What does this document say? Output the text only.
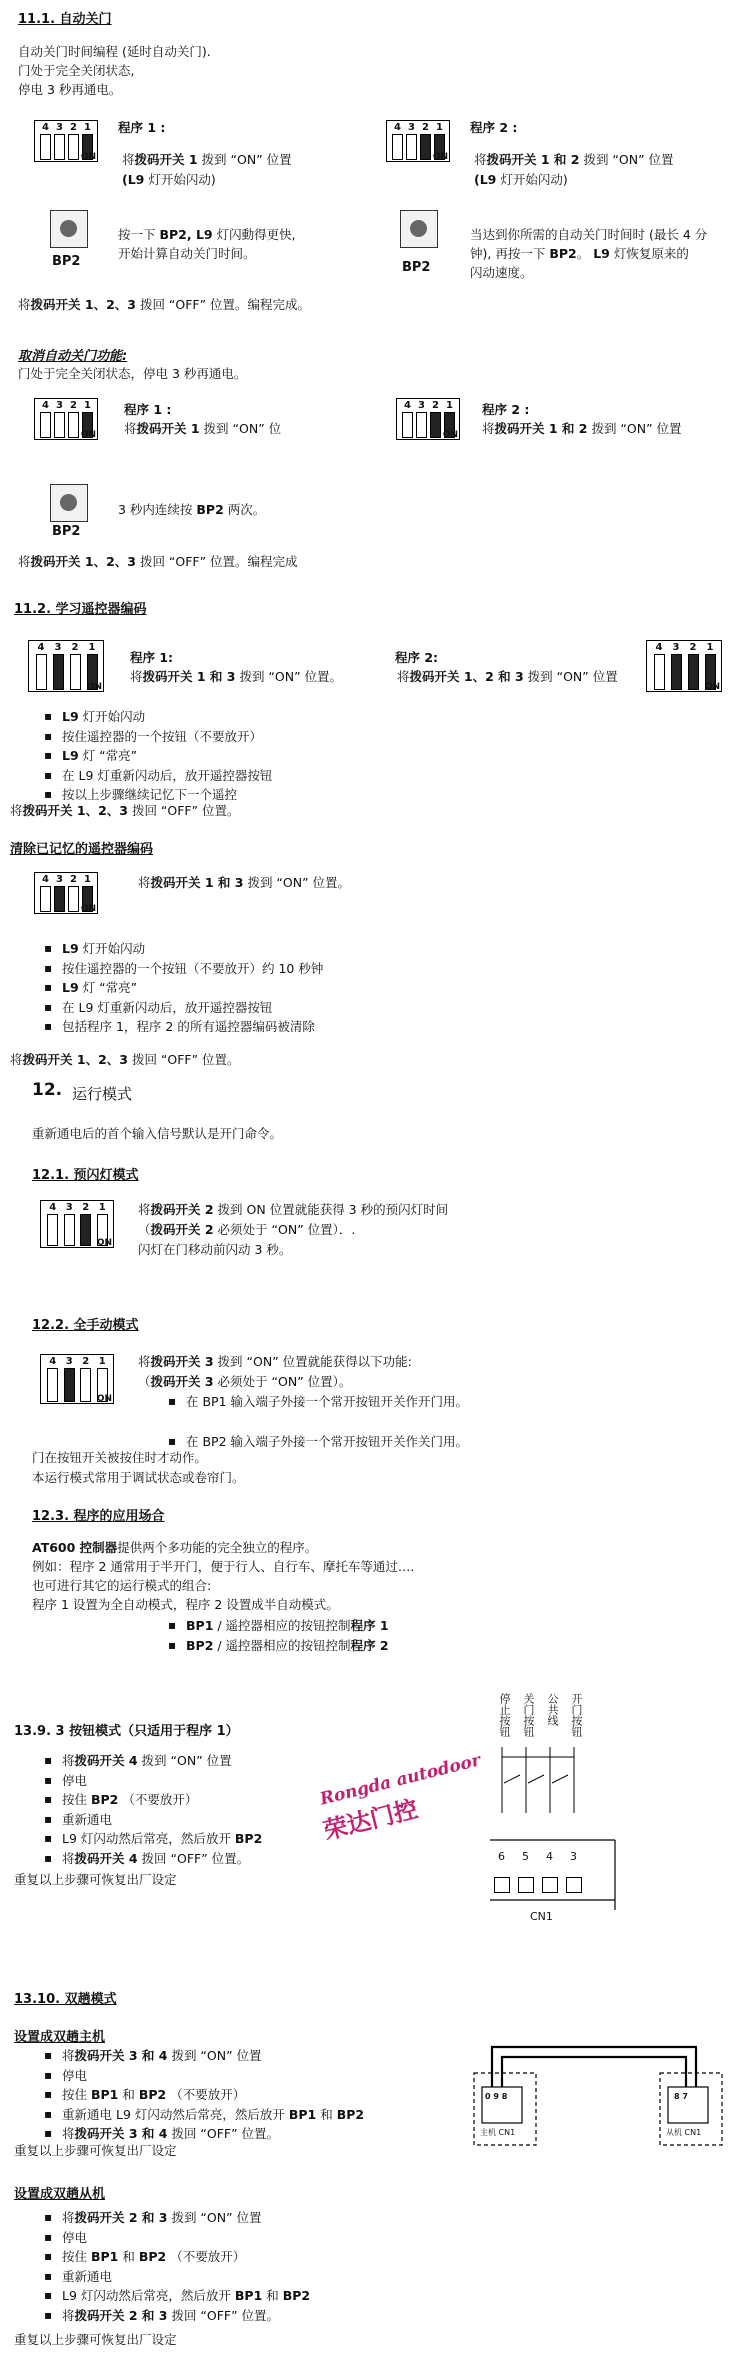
11.1. 自动关门
自动关门时间编程 (延时自动关门).
门处于完全关闭状态,
停电 3 秒再通电。
4 3 2 1
ON
程序 1 :
将拨码开关 1 拨到 “ON” 位置
(L9 灯开始闪动)
4 3 2 1
ON
程序 2 :
将拨码开关 1 和 2 拨到 “ON” 位置
(L9 灯开始闪动)
BP2
按一下 BP2, L9 灯闪動得更快,
开始计算自动关门时间。
BP2
当达到你所需的自动关门时间时 (最长 4 分
钟), 再按一下 BP2。 L9 灯恢复原来的
闪动速度。
将拨码开关 1、2、3 拨回 “OFF” 位置。编程完成。
取消自动关门功能:
门处于完全关闭状态，停电 3 秒再通电。
4 3 2 1
ON
程序 1 :
将拨码开关 1 拨到 “ON” 位
4 3 2 1
ON
程序 2 :
将拨码开关 1 和 2 拨到 “ON” 位置
BP2
3 秒内连续按 BP2 两次。
将拨码开关 1、2、3 拨回 “OFF” 位置。编程完成
11.2. 学习遥控器编码
4 3 2 1
ON
程序 1:
将拨码开关 1 和 3 拨到 “ON” 位置。
程序 2:
将拨码开关 1、2 和 3 拨到 “ON” 位置
4 3 2 1
ON
▪ L9 灯开始闪动
▪ 按住遥控器的一个按钮（不要放开）
▪ L9 灯 “常亮”
▪ 在 L9 灯重新闪动后，放开遥控器按钮
▪ 按以上步骤继续记忆下一个遥控
将拨码开关 1、2、3 拨回 “OFF” 位置。
清除已记忆的遥控器编码
4 3 2 1
ON
将拨码开关 1 和 3 拨到 “ON” 位置。
▪ L9 灯开始闪动
▪ 按住遥控器的一个按钮（不要放开）约 10 秒钟
▪ L9 灯 “常亮”
▪ 在 L9 灯重新闪动后，放开遥控器按钮
▪ 包括程序 1，程序 2 的所有遥控器编码被清除
将拨码开关 1、2、3 拨回 “OFF” 位置。
12. 运行模式
重新通电后的首个输入信号默认是开门命令。
12.1. 预闪灯模式
4 3 2 1
ON
将拨码开关 2 拨到 ON 位置就能获得 3 秒的预闪灯时间
（拨码开关 2 必须处于 “ON” 位置）．.
闪灯在门移动前闪动 3 秒。
12.2. 全手动模式
4 3 2 1
ON
将拨码开关 3 拨到 “ON” 位置就能获得以下功能:
（拨码开关 3 必须处于 “ON” 位置）。
▪ 在 BP1 输入端子外接一个常开按钮开关作开门用。
▪ 在 BP2 输入端子外接一个常开按钮开关作关门用。
门在按钮开关被按住时才动作。
本运行模式常用于调试状态或卷帘门。
12.3. 程序的应用场合
AT600 控制器提供两个多功能的完全独立的程序。
例如：程序 2 通常用于半开门，便于行人、自行车、摩托车等通过….
也可进行其它的运行模式的组合:
程序 1 设置为全自动模式，程序 2 设置成半自动模式。
▪ BP1 / 遥控器相应的按钮控制程序 1
▪ BP2 / 遥控器相应的按钮控制程序 2
13.9. 3 按钮模式（只适用于程序 1）
▪ 将拨码开关 4 拨到 “ON” 位置
▪ 停电
▪ 按住 BP2 （不要放开）
▪ 重新通电
▪ L9 灯闪动然后常亮，然后放开 BP2
▪ 将拨码开关 4 拨回 “OFF” 位置。
重复以上步骤可恢复出厂设定
停止按钮 关门按钮 公共线 开门按钮
6 5 4 3
CN1
Rongda autodoor
荣达门控
13.10. 双趟模式
设置成双趟主机
▪ 将拨码开关 3 和 4 拨到 “ON” 位置
▪ 停电
▪ 按住 BP1 和 BP2 （不要放开）
▪ 重新通电 L9 灯闪动然后常亮，然后放开 BP1 和 BP2
▪ 将拨码开关 3 和 4 拨回 “OFF” 位置。
重复以上步骤可恢复出厂设定
设置成双趟从机
▪ 将拨码开关 2 和 3 拨到 “ON” 位置
▪ 停电
▪ 按住 BP1 和 BP2 （不要放开）
▪ 重新通电
▪ L9 灯闪动然后常亮，然后放开 BP1 和 BP2
▪ 将拨码开关 2 和 3 拨回 “OFF” 位置。
重复以上步骤可恢复出厂设定
0 9 8	8 7
主机 CN1	从机 CN1
